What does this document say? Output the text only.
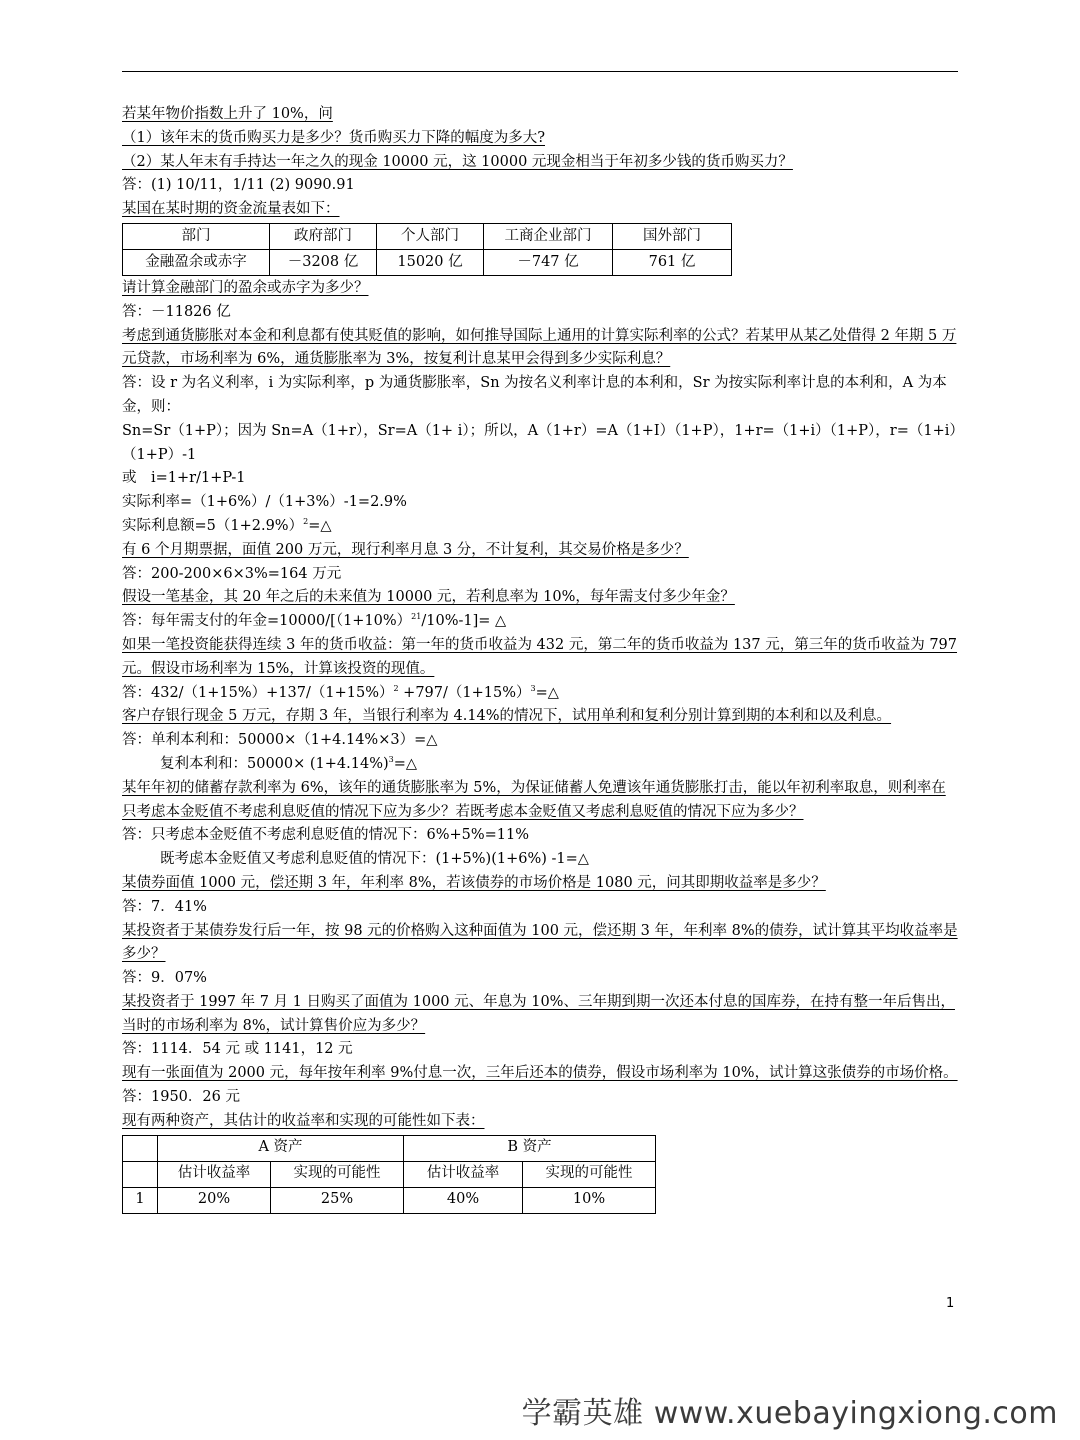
若某年物价指数上升了 10%，问

（1）该年末的货币购买力是多少？货币购买力下降的幅度为多大?

（2）某人年末有手持达一年之久的现金 10000 元，这 10000 元现金相当于年初多少钱的货币购买力？

答：(1) 10/11，1/11 (2) 9090.91

某国在某时期的资金流量表如下：

部门	政府部门	个人部门	工商企业部门	国外部门
金融盈余或赤字	－3208 亿	15020 亿	－747 亿	761 亿

请计算金融部门的盈余或赤字为多少？

答：－11826 亿

考虑到通货膨胀对本金和利息都有使其贬值的影响，如何推导国际上通用的计算实际利率的公式？若某甲从某乙处借得 2 年期 5 万元贷款，市场利率为 6%，通货膨胀率为 3%，按复利计息某甲会得到多少实际利息？

答：设 r 为名义利率，i 为实际利率，p 为通货膨胀率，Sn 为按名义利率计息的本利和，Sr 为按实际利率计息的本利和，A 为本金，则：

Sn=Sr（1+P）；因为 Sn=A（1+r），Sr=A（1+ i）；所以，A（1+r）=A（1+I）（1+P），1+r=（1+i）（1+P），r=（1+i）（1+P）-1

或　i=1+r/1+P-1

实际利率=（1+6%）/（1+3%）-1=2.9%

实际利息额$=5(1+2.9\%)^2=\triangle$

有 6 个月期票据，面值 200 万元，现行利率月息 3 分，不计复利，其交易价格是多少？

答：200-200×6×3%=164 万元

假设一笔基金，其 20 年之后的未来值为 10000 元，若利息率为 10%，每年需支付多少年金？

答：每年需支付的年金$=10000/[(1+10\%)^{21}/10\%-1]=$ △

如果一笔投资能获得连续 3 年的货币收益：第一年的货币收益为 432 元，第二年的货币收益为 137 元，第三年的货币收益为 797 元。假设市场利率为 15%，计算该投资的现值。

答：$432/(1+15\%)+137/(1+15\%)^2$ $+797/(1+15\%)^3=\triangle$

客户存银行现金 5 万元，存期 3 年，当银行利率为 4.14%的情况下，试用单利和复利分别计算到期的本利和以及利息。

答：单利本利和：50000×（1+4.14%×3）=△

复利本利和：$50000\times (1+4.14\%)^3=\triangle$

某年年初的储蓄存款利率为 6%，该年的通货膨胀率为 5%，为保证储蓄人免遭该年通货膨胀打击，能以年初利率取息，则利率在只考虑本金贬值不考虑利息贬值的情况下应为多少？若既考虑本金贬值又考虑利息贬值的情况下应为多少？

答：只考虑本金贬值不考虑利息贬值的情况下：6%+5%=11%

既考虑本金贬值又考虑利息贬值的情况下：(1+5%)(1+6%) -1=△

某债券面值 1000 元，偿还期 3 年，年利率 8%，若该债券的市场价格是 1080 元，问其即期收益率是多少？

答：7．41%

某投资者于某债券发行后一年，按 98 元的价格购入这种面值为 100 元，偿还期 3 年，年利率 8%的债券，试计算其平均收益率是多少？

答：9．07%

某投资者于 1997 年 7 月 1 日购买了面值为 1000 元、年息为 10%、三年期到期一次还本付息的国库券，在持有整一年后售出，当时的市场利率为 8%，试计算售价应为多少？

答：1114．54 元 或 1141，12 元

现有一张面值为 2000 元，每年按年利率 9%付息一次，三年后还本的债券，假设市场利率为 10%，试计算这张债券的市场价格。

答：1950．26 元

现有两种资产，其估计的收益率和实现的可能性如下表：

	A 资产		B 资产	
	估计收益率	实现的可能性	估计收益率	实现的可能性
1	20%	25%	40%	10%
1
学霸英雄 www.xuebayingxiong.com
